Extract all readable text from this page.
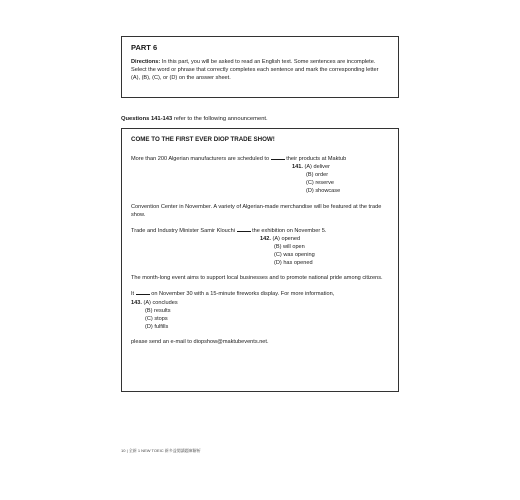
PART 6

Directions: In this part, you will be asked to read an English text. Some sentences are incomplete. Select the word or phrase that correctly completes each sentence and mark the corresponding letter (A), (B), (C), or (D) on the answer sheet.

Questions 141-143 refer to the following announcement.

COME TO THE FIRST EVER DIOP TRADE SHOW!

More than 200 Algerian manufacturers are scheduled to	their products at Maktub

141. (A) deliver
(B) order
(C) reserve
(D) showcase

Convention Center in November. A variety of Algerian-made merchandise will be featured at the trade show.

Trade and Industry Minister Samir Klouchi	the exhibition on November 5.

142. (A) opened
(B) will open
(C) was opening
(D) has opened

The month-long event aims to support local businesses and to promote national pride among citizens.

It	on November 30 with a 15-minute fireworks display. For more information,

143. (A) concludes
(B) results
(C) stops
(D) fulfills

please send an e-mail to diopshow@maktubevents.net.

10 | 全新 1 NEW TOEIC 新多益閱讀題庫解析
